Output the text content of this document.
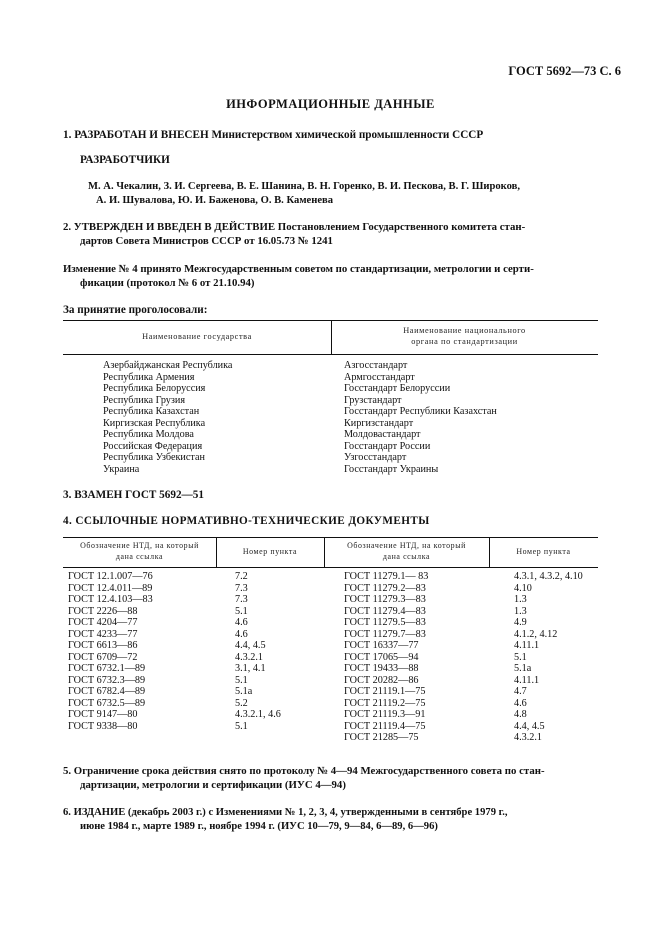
ГОСТ 5692—73 С. 6
ИНФОРМАЦИОННЫЕ ДАННЫЕ
1. РАЗРАБОТАН И ВНЕСЕН Министерством химической промышленности СССР
РАЗРАБОТЧИКИ
М. А. Чекалин, З. И. Сергеева, В. Е. Шанина, В. Н. Горенко, В. И. Пескова, В. Г. Широков,
А. И. Шувалова, Ю. И. Баженова, О. В. Каменева
2. УТВЕРЖДЕН И ВВЕДЕН В ДЕЙСТВИЕ Постановлением Государственного комитета стан-
дартов Совета Министров СССР от 16.05.73 № 1241
Изменение № 4 принято Межгосударственным советом по стандартизации, метрологии и серти-
фикации (протокол № 6 от 21.10.94)
За принятие проголосовали:
Наименование государства
Наименование национального
органа по стандартизации
Азербайджанская Республика
Республика Армения
Республика Белоруссия
Республика Грузия
Республика Казахстан
Киргизская Республика
Республика Молдова
Российская Федерация
Республика Узбекистан
Украина
Азгосстандарт
Армгосстандарт
Госстандарт Белоруссии
Грузстандарт
Госстандарт Республики Казахстан
Киргизстандарт
Молдовастандарт
Госстандарт России
Узгосстандарт
Госстандарт Украины
3. ВЗАМЕН ГОСТ 5692—51
4. ССЫЛОЧНЫЕ НОРМАТИВНО-ТЕХНИЧЕСКИЕ ДОКУМЕНТЫ
Обозначение НТД, на который
дана ссылка
Номер пункта
Обозначение НТД, на который
дана ссылка
Номер пункта
ГОСТ 12.1.007—76
ГОСТ 12.4.011—89
ГОСТ 12.4.103—83
ГОСТ 2226—88
ГОСТ 4204—77
ГОСТ 4233—77
ГОСТ 6613—86
ГОСТ 6709—72
ГОСТ 6732.1—89
ГОСТ 6732.3—89
ГОСТ 6782.4—89
ГОСТ 6732.5—89
ГОСТ 9147—80
ГОСТ 9338—80
7.2
7.3
7.3
5.1
4.6
4.6
4.4, 4.5
4.3.2.1
3.1, 4.1
5.1
5.1a
5.2
4.3.2.1, 4.6
5.1
ГОСТ 11279.1— 83
ГОСТ 11279.2—83
ГОСТ 11279.3—83
ГОСТ 11279.4—83
ГОСТ 11279.5—83
ГОСТ 11279.7—83
ГОСТ 16337—77
ГОСТ 17065—94
ГОСТ 19433—88
ГОСТ 20282—86
ГОСТ 21119.1—75
ГОСТ 21119.2—75
ГОСТ 21119.3—91
ГОСТ 21119.4—75
ГОСТ 21285—75
4.3.1, 4.3.2, 4.10
4.10
1.3
1.3
4.9
4.1.2, 4.12
4.11.1
5.1
5.1a
4.11.1
4.7
4.6
4.8
4.4, 4.5
4.3.2.1
5. Ограничение срока действия снято по протоколу № 4—94 Межгосударственного совета по стан-
дартизации, метрологии и сертификации (ИУС 4—94)
6. ИЗДАНИЕ (декабрь 2003 г.) с Изменениями № 1, 2, 3, 4, утвержденными в сентябре 1979 г.,
июне 1984 г., марте 1989 г., ноябре 1994 г. (ИУС 10—79, 9—84, 6—89, 6—96)
